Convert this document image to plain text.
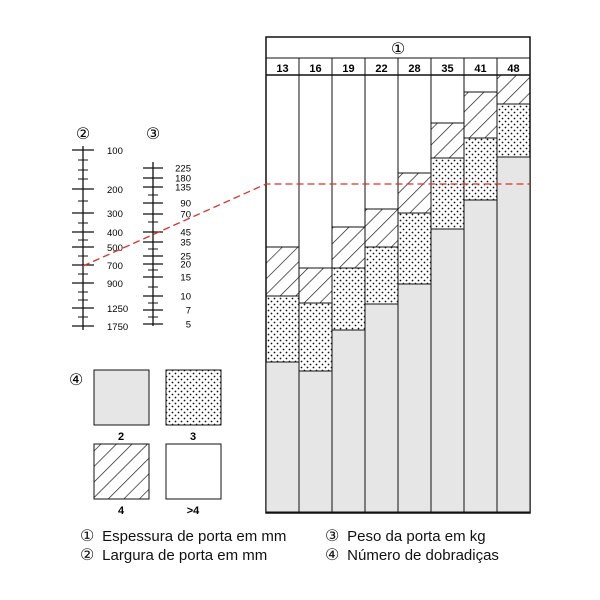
13 16 19 22 28 35 41 48
①
②
100
200
300
400
500
700
900
1250
1750
③
225
180
135
90
70
45
35
25
20
15
10
7
5
④
2	3
4	>4
① Espessura de porta em mm
② Largura de porta em mm
③ Peso da porta em kg
④ Número de dobradiças
